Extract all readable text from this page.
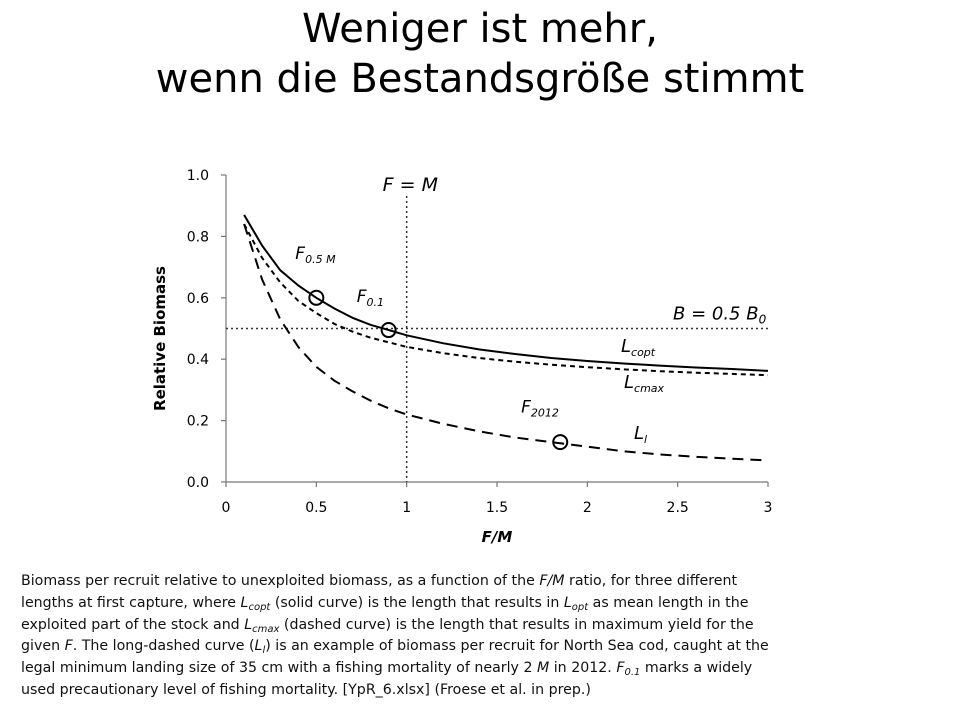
Weniger ist mehr,
wenn die Bestandsgröße stimmt
0.0
0.2
0.4
0.6
0.8
1.0
0	0.5	1	1.5	2	2.5	3
F/M
Relative Biomass
F = M
B = 0.5 $B_0$
$L_{copt}$
$L_{cmax}$
$L_l$
$F_{0.5 M}$
$F_{0.1}$
$F_{2012}$
Biomass per recruit relative to unexploited biomass, as a function of the F/M ratio, for three different
lengths at first capture, where $L_{copt}$ (solid curve) is the length that results in $L_{opt}$ as mean length in the
exploited part of the stock and $L_{cmax}$ (dashed curve) is the length that results in maximum yield for the
given F. The long-dashed curve $(L_l)$ is an example of biomass per recruit for North Sea cod, caught at the
legal minimum landing size of 35 cm with a fishing mortality of nearly 2 M in 2012. $F_{0.1}$ marks a widely
used precautionary level of fishing mortality. [YpR_6.xlsx] (Froese et al. in prep.)
